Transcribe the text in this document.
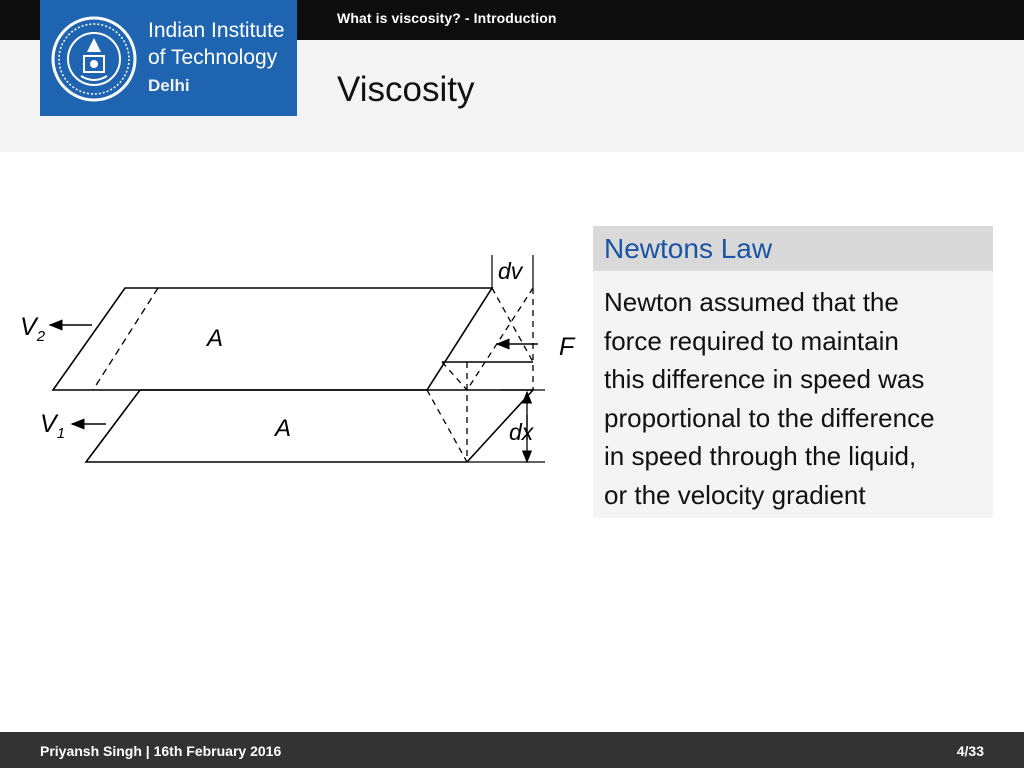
What is viscosity? - Introduction
Viscosity
Indian Institute
of Technology
Delhi
$V_2$
$V_1$
A
A
dv
dx
F
Newtons Law
Newton assumed that the
force required to maintain
this difference in speed was
proportional to the difference
in speed through the liquid,
or the velocity gradient
Priyansh Singh | 16th February 2016	4/33
